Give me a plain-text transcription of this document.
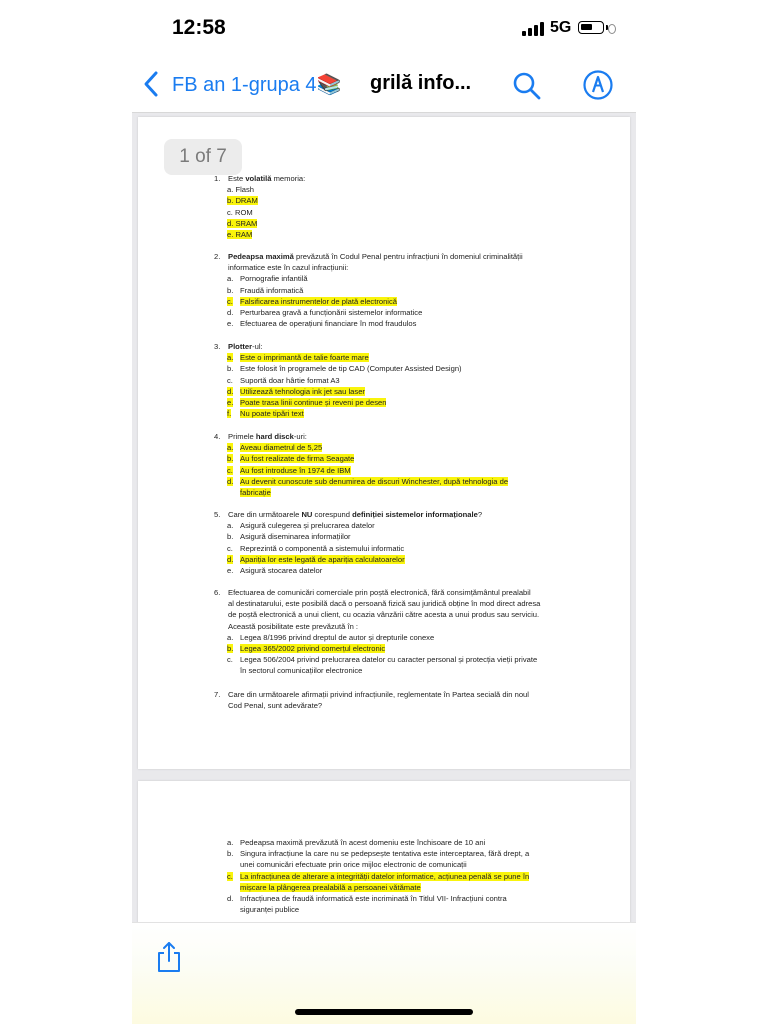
12:58	5G
FB an 1-grupa 4📚 grilă info...
1 of 7
1. Este volatilă memoria:
a. Flash
b. DRAM
c. ROM
d. SRAM
e. RAM
2. Pedeapsa maximă prevăzută în Codul Penal pentru infracțiuni în domeniul criminalității
informatice este în cazul infracțiunii:
a. Pornografie infantilă
b. Fraudă informatică
c. Falsificarea instrumentelor de plată electronică
d. Perturbarea gravă a funcționării sistemelor informatice
e. Efectuarea de operațiuni financiare în mod fraudulos
3. Plotter-ul:
a. Este o imprimantă de talie foarte mare
b. Este folosit în programele de tip CAD (Computer Assisted Design)
c. Suportă doar hârtie format A3
d. Utilizează tehnologia ink jet sau laser
e. Poate trasa linii continue și reveni pe desen
f. Nu poate tipări text
4. Primele hard disck-uri:
a. Aveau diametrul de 5,25
b. Au fost realizate de firma Seagate
c. Au fost introduse în 1974 de IBM
d. Au devenit cunoscute sub denumirea de discuri Winchester, după tehnologia de
fabricație
5. Care din următoarele NU corespund definiției sistemelor informaționale?
a. Asigură culegerea și prelucrarea datelor
b. Asigură diseminarea informațiilor
c. Reprezintă o componentă a sistemului informatic
d. Apariția lor este legată de apariția calculatoarelor
e. Asigură stocarea datelor
6. Efectuarea de comunicări comerciale prin poștă electronică, fără consimțământul prealabil
al destinatarului, este posibilă dacă o persoană fizică sau juridică obține în mod direct adresa
de poștă electronică a unui client, cu ocazia vânzării către acesta a unui produs sau serviciu.
Această posibilitate este prevăzută în :
a. Legea 8/1996 privind dreptul de autor și drepturile conexe
b. Legea 365/2002 privind comerțul electronic
c. Legea 506/2004 privind prelucrarea datelor cu caracter personal și protecția vieții private
în sectorul comunicațiilor electronice
7. Care din următoarele afirmații privind infracțiunile, reglementate în Partea secială din noul
Cod Penal, sunt adevărate?
a. Pedeapsa maximă prevăzută în acest domeniu este închisoare de 10 ani
b. Singura infracțiune la care nu se pedepsește tentativa este interceptarea, fără drept, a
unei comunicări efectuate prin orice mijloc electronic de comunicații
c. La infracțiunea de alterare a integrității datelor informatice, acțiunea penală se pune în
mișcare la plângerea prealabilă a persoanei vătămate
d. Infracțiunea de fraudă informatică este incriminată în Titlul VII- Infracțiuni contra
siguranței publice
